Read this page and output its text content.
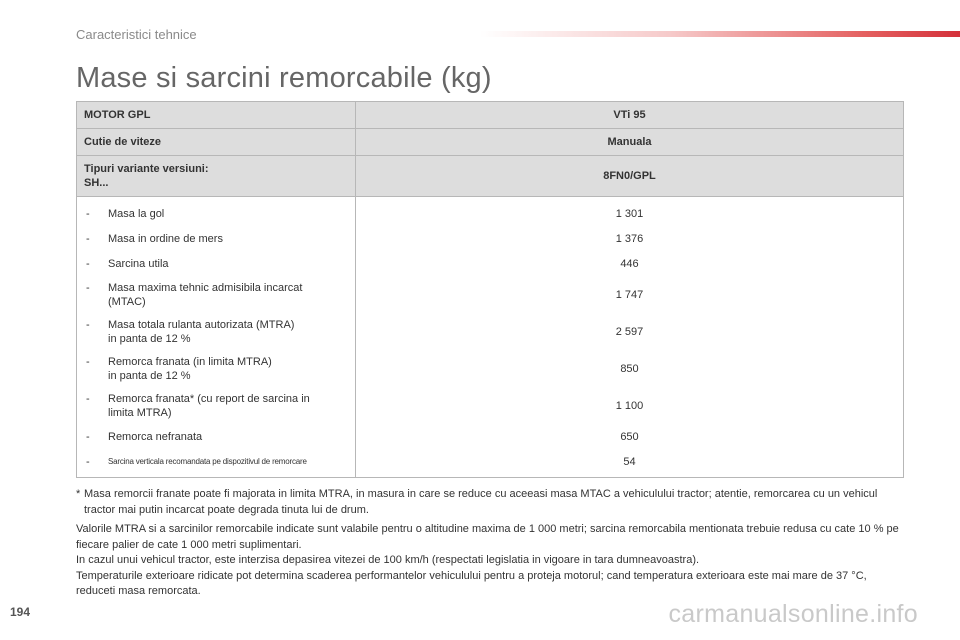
Caracteristici tehnice
Mase si sarcini remorcabile (kg)
MOTOR GPL	VTi 95
Cutie de viteze	Manuala

Tipuri variante versiuni:
SH...	8FN0/GPL

- Masa la gol	1 301

- Masa in ordine de mers	1 376

- Sarcina utila	446

- Masa maxima tehnic admisibila incarcat
(MTAC)	1 747

- Masa totala rulanta autorizata (MTRA)
in panta de 12 %	2 597

- Remorca franata (in limita MTRA)
in panta de 12 %	850

- Remorca franata* (cu report de sarcina in
limita MTRA)	1 100

- Remorca nefranata	650

- Sarcina verticala recomandata pe dispozitivul de remorcare	54
* Masa remorcii franate poate fi majorata in limita MTRA, in masura in care se reduce cu aceeasi masa MTAC a vehiculului tractor; atentie, remorcarea cu un vehicul tractor mai putin incarcat poate degrada tinuta lui de drum.

Valorile MTRA si a sarcinilor remorcabile indicate sunt valabile pentru o altitudine maxima de 1 000 metri; sarcina remorcabila mentionata trebuie redusa cu cate 10 % pe fiecare palier de cate 1 000 metri suplimentari.

In cazul unui vehicul tractor, este interzisa depasirea vitezei de 100 km/h (respectati legislatia in vigoare in tara dumneavoastra).

Temperaturile exterioare ridicate pot determina scaderea performantelor vehiculului pentru a proteja motorul; cand temperatura exterioara este mai mare de 37 °C, reduceti masa remorcata.

194	carmanualsonline.info
